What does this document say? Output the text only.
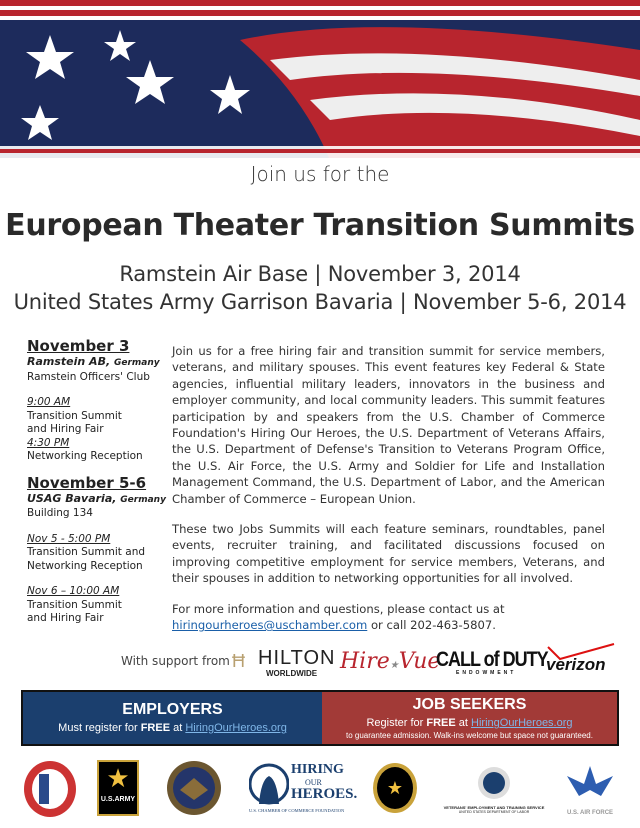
Join us for the
European Theater Transition Summits
Ramstein Air Base | November 3, 2014
United States Army Garrison Bavaria | November 5-6, 2014
November 3
Ramstein AB, Germany
Ramstein Officers' Club
9:00 AM
Transition Summit
and Hiring Fair
4:30 PM
Networking Reception
November 5-6
USAG Bavaria, Germany
Building 134
Nov 5 - 5:00 PM
Transition Summit and
Networking Reception
Nov 6 – 10:00 AM
Transition Summit
and Hiring Fair

Join us for a free hiring fair and transition summit for service members, veterans, and military spouses. This event features key Federal & State agencies, influential military leaders, innovators in the business and employer community, and local community leaders. This summit features participation by and speakers from the U.S. Chamber of Commerce Foundation's Hiring Our Heroes, the U.S. Department of Veterans Affairs, the U.S. Department of Defense's Transition to Veterans Program Office, the U.S. Air Force, the U.S. Army and Soldier for Life and Installation Management Command, the U.S. Department of Labor, and the American Chamber of Commerce – European Union.

These two Jobs Summits will each feature seminars, roundtables, panel events, recruiter training, and facilitated discussions focused on improving competitive employment for service members, Veterans, and their spouses in addition to networking opportunities for all involved.

For more information and questions, please contact us at
hiringourheroes@uschamber.com or call 202-463-5807.

With support from Ħ HILTON
WORLDWIDE Hire★Vue
CALL of DUTY
ENDOWMENT	verizon
EMPLOYERS
Must register for FREE at HiringOurHeroes.org
JOB SEEKERS
Register for FREE at HiringOurHeroes.org
to guarantee admission. Walk-ins welcome but space not guaranteed.
★
U.S.ARMY
HIRING
OUR
HEROES.
U.S. CHAMBER OF COMMERCE FOUNDATION
★
VETERANS' EMPLOYMENT AND TRAINING SERVICE
UNITED STATES DEPARTMENT OF LABOR	U.S. AIR FORCE
